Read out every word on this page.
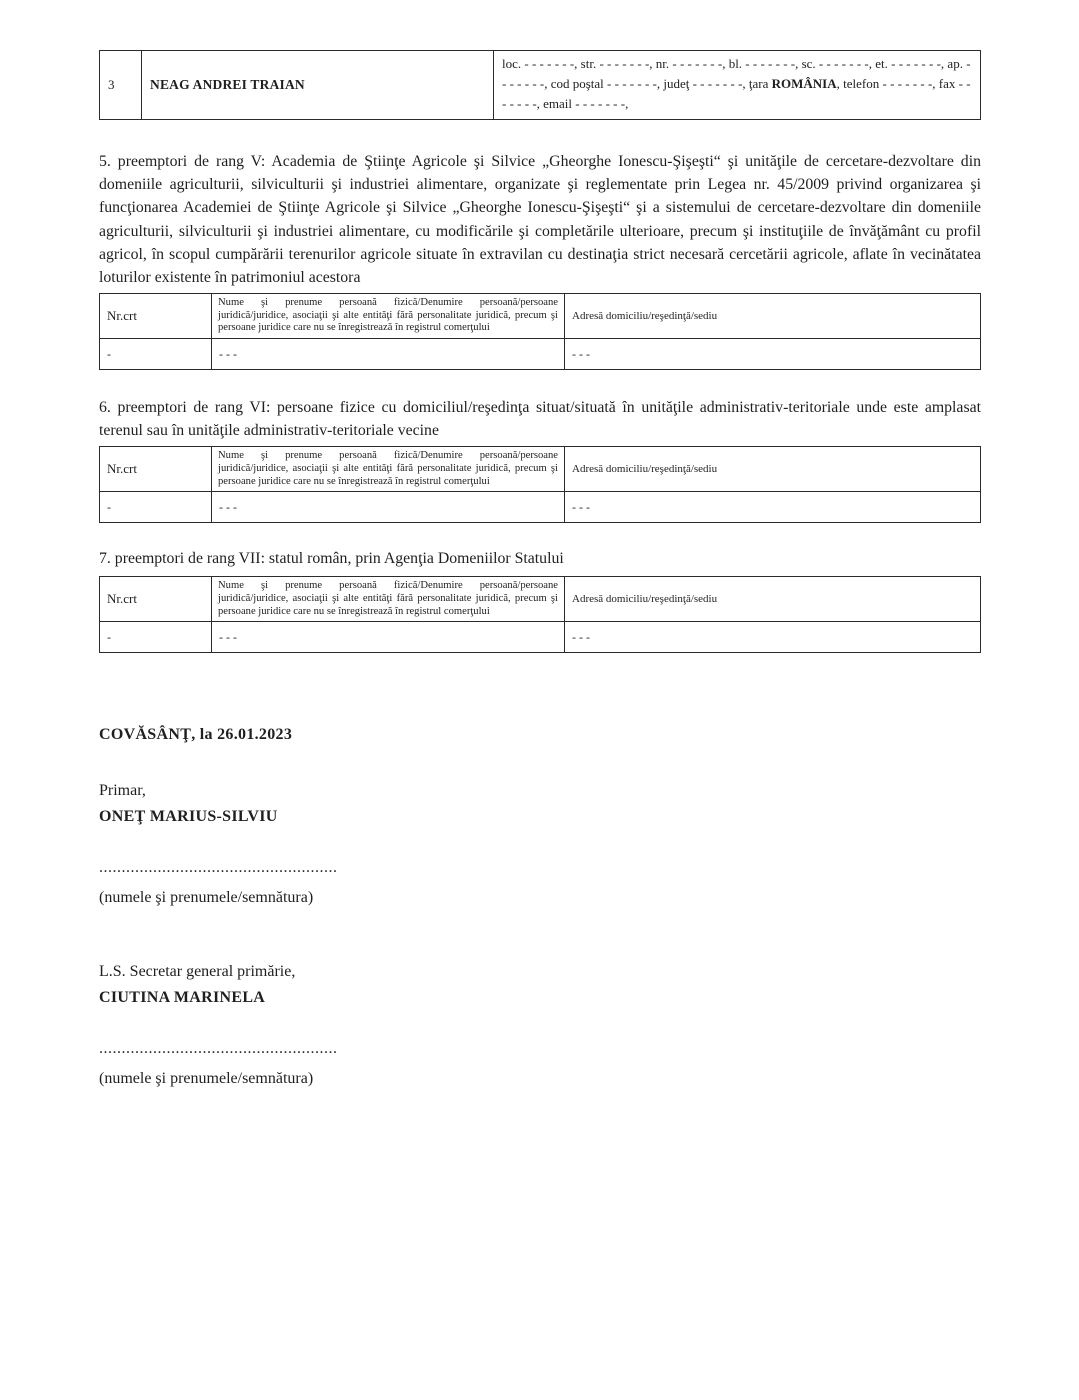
3	NEAG ANDREI TRAIAN	loc. - - - - - - -, str. - - - - - - -, nr. - - - - - - -, bl. - - - - - - -, sc. - - - - - - -, et. - - - - - - -, ap. - - - - - - -, cod poştal - - - - - - -, judeţ - - - - - - -, ţara ROMÂNIA, telefon - - - - - - -, fax - - - - - - -, email - - - - - - -,

5. preemptori de rang V: Academia de Ştiinţe Agricole şi Silvice „Gheorghe Ionescu-Şişeşti“ şi unităţile de cercetare-dezvoltare din domeniile agriculturii, silviculturii şi industriei alimentare, organizate şi reglementate prin Legea nr. 45/2009 privind organizarea şi funcţionarea Academiei de Ştiinţe Agricole şi Silvice „Gheorghe Ionescu-Şişeşti“ şi a sistemului de cercetare-dezvoltare din domeniile agriculturii, silviculturii şi industriei alimentare, cu modificările şi completările ulterioare, precum şi instituţiile de învăţământ cu profil agricol, în scopul cumpărării terenurilor agricole situate în extravilan cu destinaţia strict necesară cercetării agricole, aflate în vecinătatea loturilor existente în patrimoniul acestora

Nr.crt	Nume şi prenume persoană fizică/Denumire persoană/persoane juridică/juridice, asociaţii şi alte entităţi fără personalitate juridică, precum şi persoane juridice care nu se înregistrează în registrul comerţului	Adresă domiciliu/reşedinţă/sediu
-	- - -	- - -

6. preemptori de rang VI: persoane fizice cu domiciliul/reşedinţa situat/situată în unităţile administrativ-teritoriale unde este amplasat terenul sau în unităţile administrativ-teritoriale vecine

Nr.crt	Nume şi prenume persoană fizică/Denumire persoană/persoane juridică/juridice, asociaţii şi alte entităţi fără personalitate juridică, precum şi persoane juridice care nu se înregistrează în registrul comerţului	Adresă domiciliu/reşedinţă/sediu
-	- - -	- - -

7. preemptori de rang VII: statul român, prin Agenţia Domeniilor Statului

Nr.crt	Nume şi prenume persoană fizică/Denumire persoană/persoane juridică/juridice, asociaţii şi alte entităţi fără personalitate juridică, precum şi persoane juridice care nu se înregistrează în registrul comerţului	Adresă domiciliu/reşedinţă/sediu
-	- - -	- - -

COVĂSÂNŢ, la 26.01.2023

Primar,

ONEŢ MARIUS-SILVIU

.....................................................

(numele şi prenumele/semnătura)

L.S. Secretar general primărie,

CIUTINA MARINELA

.....................................................

(numele şi prenumele/semnătura)
